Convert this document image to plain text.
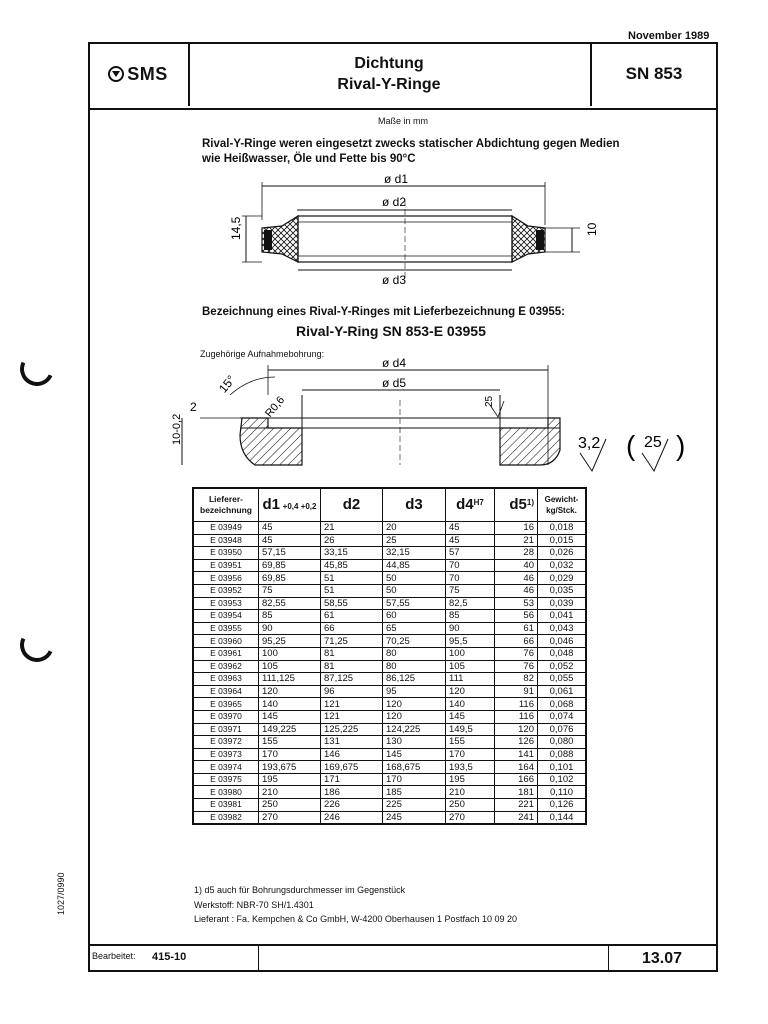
November 1989
SMS	Dichtung
Rival-Y-Ringe
SN 853
Maße in mm
Rival-Y-Ringe weren eingesetzt zwecks statischer Abdichtung gegen Medien wie Heißwasser, Öle und Fette bis 90°C
ø d1
ø d2
14,5	10
ø d3
Bezeichnung eines Rival-Y-Ringes mit Lieferbezeichnung E 03955:
Rival-Y-Ring SN 853-E 03955
Zugehörige Aufnahmebohrung:
ø d4
ø d5
15°
R0,6
2
10-0,2
25
3,2 ( 25 )
Lieferer-bezeichnung	d1 +0,4 +0,2	d2	d3	$d4^{H7}$	d5$^{1)}$	Gewicht-kg/Stck.
E 03949	45	21	20	45	16	0,018
E 03948	45	26	25	45	21	0,015
E 03950	57,15	33,15	32,15	57	28	0,026
E 03951	69,85	45,85	44,85	70	40	0,032
E 03956	69,85	51	50	70	46	0,029
E 03952	75	51	50	75	46	0,035
E 03953	82,55	58,55	57,55	82,5	53	0,039
E 03954	85	61	60	85	56	0,041
E 03955	90	66	65	90	61	0,043
E 03960	95,25	71,25	70,25	95,5	66	0,046
E 03961	100	81	80	100	76	0,048
E 03962	105	81	80	105	76	0,052
E 03963	111,125	87,125	86,125	111	82	0,055
E 03964	120	96	95	120	91	0,061
E 03965	140	121	120	140	116	0,068
E 03970	145	121	120	145	116	0,074
E 03971	149,225	125,225	124,225	149,5	120	0,076
E 03972	155	131	130	155	126	0,080
E 03973	170	146	145	170	141	0,088
E 03974	193,675	169,675	168,675	193,5	164	0,101
E 03975	195	171	170	195	166	0,102
E 03980	210	186	185	210	181	0,110
E 03981	250	226	225	250	221	0,126
E 03982	270	246	245	270	241	0,144
1) d5 auch für Bohrungsdurchmesser im Gegenstück
Werkstoff: NBR-70 SH/1.4301
Lieferant : Fa. Kempchen & Co GmbH, W-4200 Oberhausen 1 Postfach 10 09 20
Bearbeitet: 415-10	13.07
1027/0990
